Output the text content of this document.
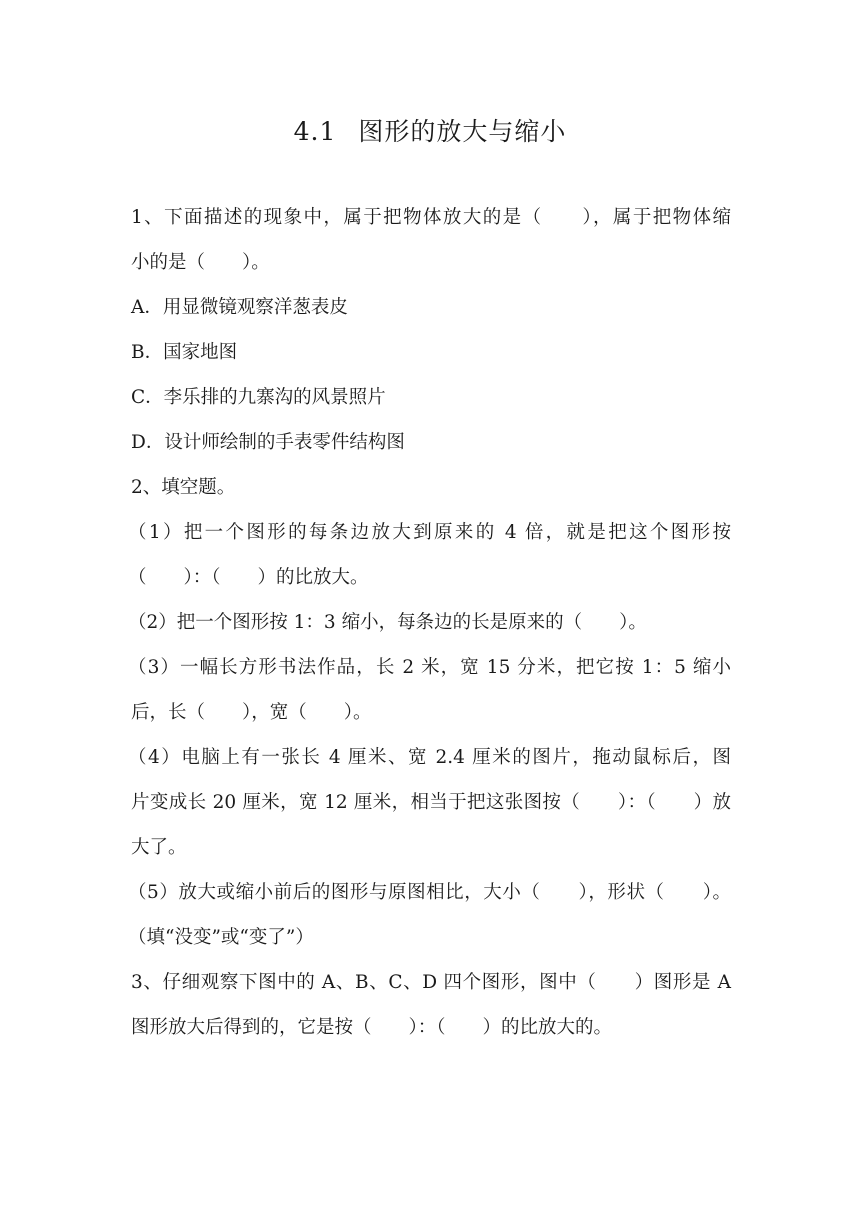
4.1 图形的放大与缩小
1、下面描述的现象中，属于把物体放大的是（　　），属于把物体缩
小的是（　　）。
A．用显微镜观察洋葱表皮
B．国家地图
C．李乐排的九寨沟的风景照片
D．设计师绘制的手表零件结构图
2、填空题。
（1）把一个图形的每条边放大到原来的 4 倍，就是把这个图形按
（　　）：（　　）的比放大。
（2）把一个图形按 1：3 缩小，每条边的长是原来的（　　）。
（3）一幅长方形书法作品，长 2 米，宽 15 分米，把它按 1：5 缩小
后，长（　　），宽（　　）。
（4）电脑上有一张长 4 厘米、宽 2.4 厘米的图片，拖动鼠标后，图
片变成长 20 厘米，宽 12 厘米，相当于把这张图按（　　）：（　　）放
大了。
（5）放大或缩小前后的图形与原图相比，大小（　　），形状（　　）。
（填“没变”或“变了”）
3、仔细观察下图中的 A、B、C、D 四个图形，图中（　　）图形是 A
图形放大后得到的，它是按（　　）：（　　）的比放大的。
